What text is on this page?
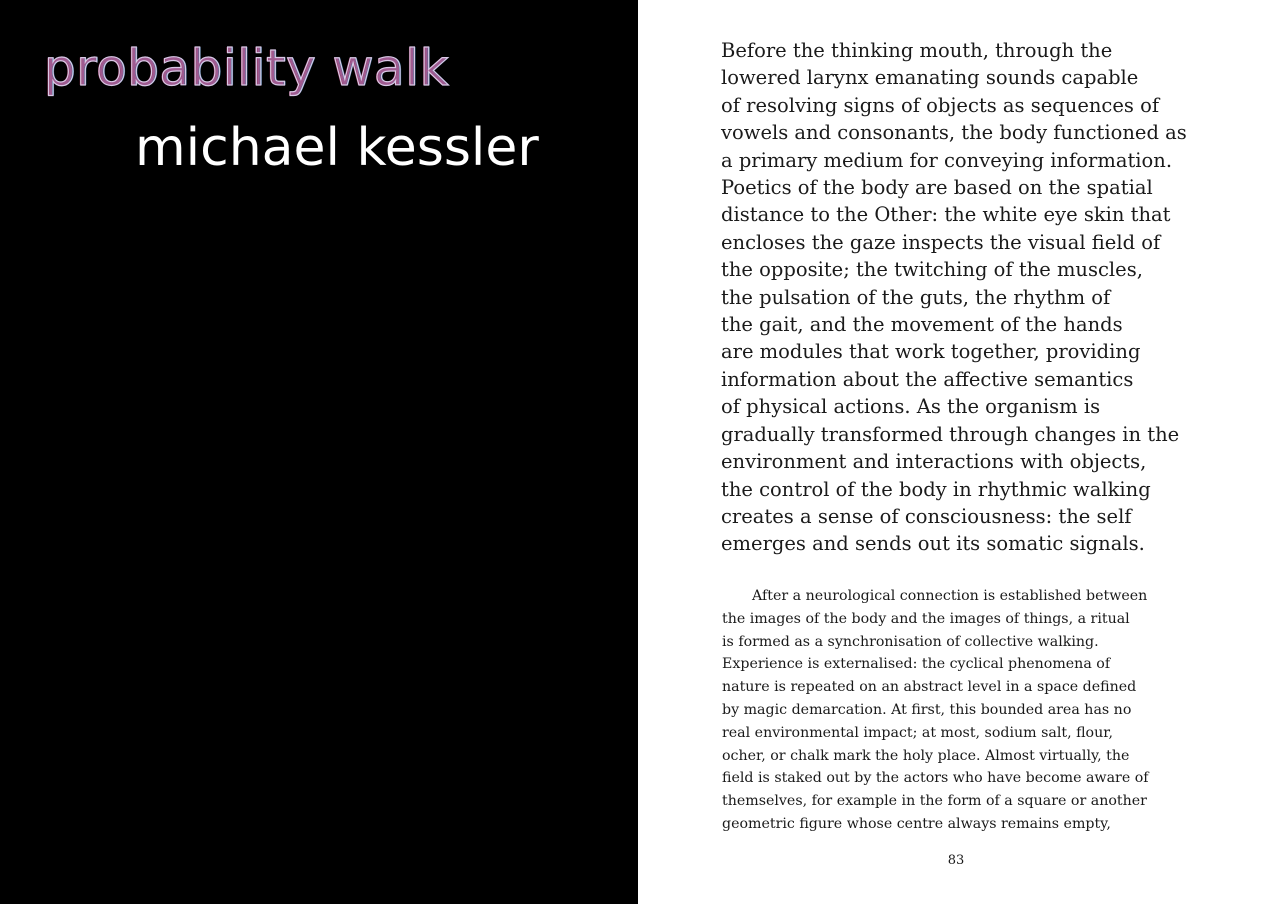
probability walk
michael kessler
Before the thinking mouth, through the
lowered larynx emanating sounds capable
of resolving signs of objects as sequences of
vowels and consonants, the body functioned as
a primary medium for conveying information.
Poetics of the body are based on the spatial
distance to the Other: the white eye skin that
encloses the gaze inspects the visual field of
the opposite; the twitching of the muscles,
the pulsation of the guts, the rhythm of
the gait, and the movement of the hands
are modules that work together, providing
information about the affective semantics
of physical actions. As the organism is
gradually transformed through changes in the
environment and interactions with objects,
the control of the body in rhythmic walking
creates a sense of consciousness: the self
emerges and sends out its somatic signals.
After a neurological connection is established between
the images of the body and the images of things, a ritual
is formed as a synchronisation of collective walking.
Experience is externalised: the cyclical phenomena of
nature is repeated on an abstract level in a space defined
by magic demarcation. At first, this bounded area has no
real environmental impact; at most, sodium salt, flour,
ocher, or chalk mark the holy place. Almost virtually, the
field is staked out by the actors who have become aware of
themselves, for example in the form of a square or another
geometric figure whose centre always remains empty,
83
